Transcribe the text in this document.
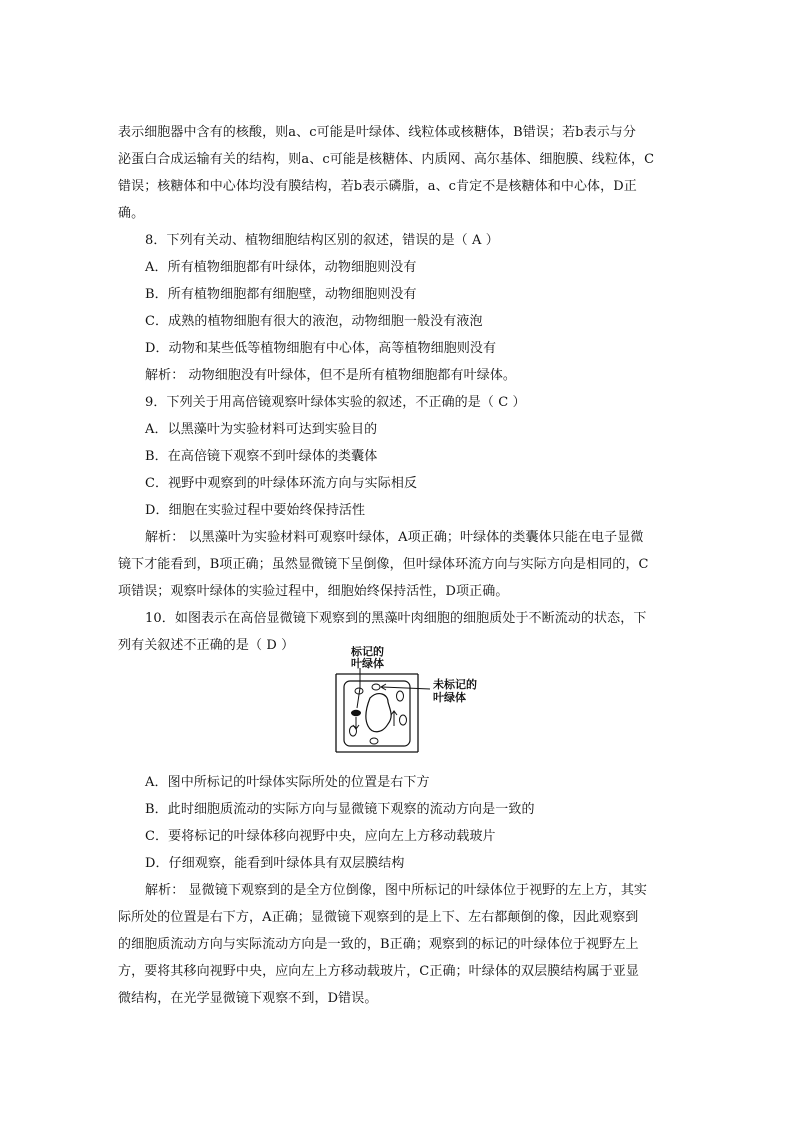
表示细胞器中含有的核酸，则a、c可能是叶绿体、线粒体或核糖体，B错误；若b表示与分
泌蛋白合成运输有关的结构，则a、c可能是核糖体、内质网、高尔基体、细胞膜、线粒体，C
错误；核糖体和中心体均没有膜结构，若b表示磷脂，a、c肯定不是核糖体和中心体，D正
确。
8．下列有关动、植物细胞结构区别的叙述，错误的是（ A ）
A．所有植物细胞都有叶绿体，动物细胞则没有
B．所有植物细胞都有细胞壁，动物细胞则没有
C．成熟的植物细胞有很大的液泡，动物细胞一般没有液泡
D．动物和某些低等植物细胞有中心体，高等植物细胞则没有
解析： 动物细胞没有叶绿体，但不是所有植物细胞都有叶绿体。
9．下列关于用高倍镜观察叶绿体实验的叙述，不正确的是（ C ）
A．以黑藻叶为实验材料可达到实验目的
B．在高倍镜下观察不到叶绿体的类囊体
C．视野中观察到的叶绿体环流方向与实际相反
D．细胞在实验过程中要始终保持活性
解析： 以黑藻叶为实验材料可观察叶绿体，A项正确；叶绿体的类囊体只能在电子显微
镜下才能看到，B项正确；虽然显微镜下呈倒像，但叶绿体环流方向与实际方向是相同的，C
项错误；观察叶绿体的实验过程中，细胞始终保持活性，D项正确。
10．如图表示在高倍显微镜下观察到的黑藻叶肉细胞的细胞质处于不断流动的状态，下
列有关叙述不正确的是（ D ）	标记的
叶绿体
未标记的
叶绿体
A．图中所标记的叶绿体实际所处的位置是右下方
B．此时细胞质流动的实际方向与显微镜下观察的流动方向是一致的
C．要将标记的叶绿体移向视野中央，应向左上方移动载玻片
D．仔细观察，能看到叶绿体具有双层膜结构
解析： 显微镜下观察到的是全方位倒像，图中所标记的叶绿体位于视野的左上方，其实
际所处的位置是右下方，A正确；显微镜下观察到的是上下、左右都颠倒的像，因此观察到
的细胞质流动方向与实际流动方向是一致的，B正确；观察到的标记的叶绿体位于视野左上
方，要将其移向视野中央，应向左上方移动载玻片，C正确；叶绿体的双层膜结构属于亚显
微结构，在光学显微镜下观察不到，D错误。
